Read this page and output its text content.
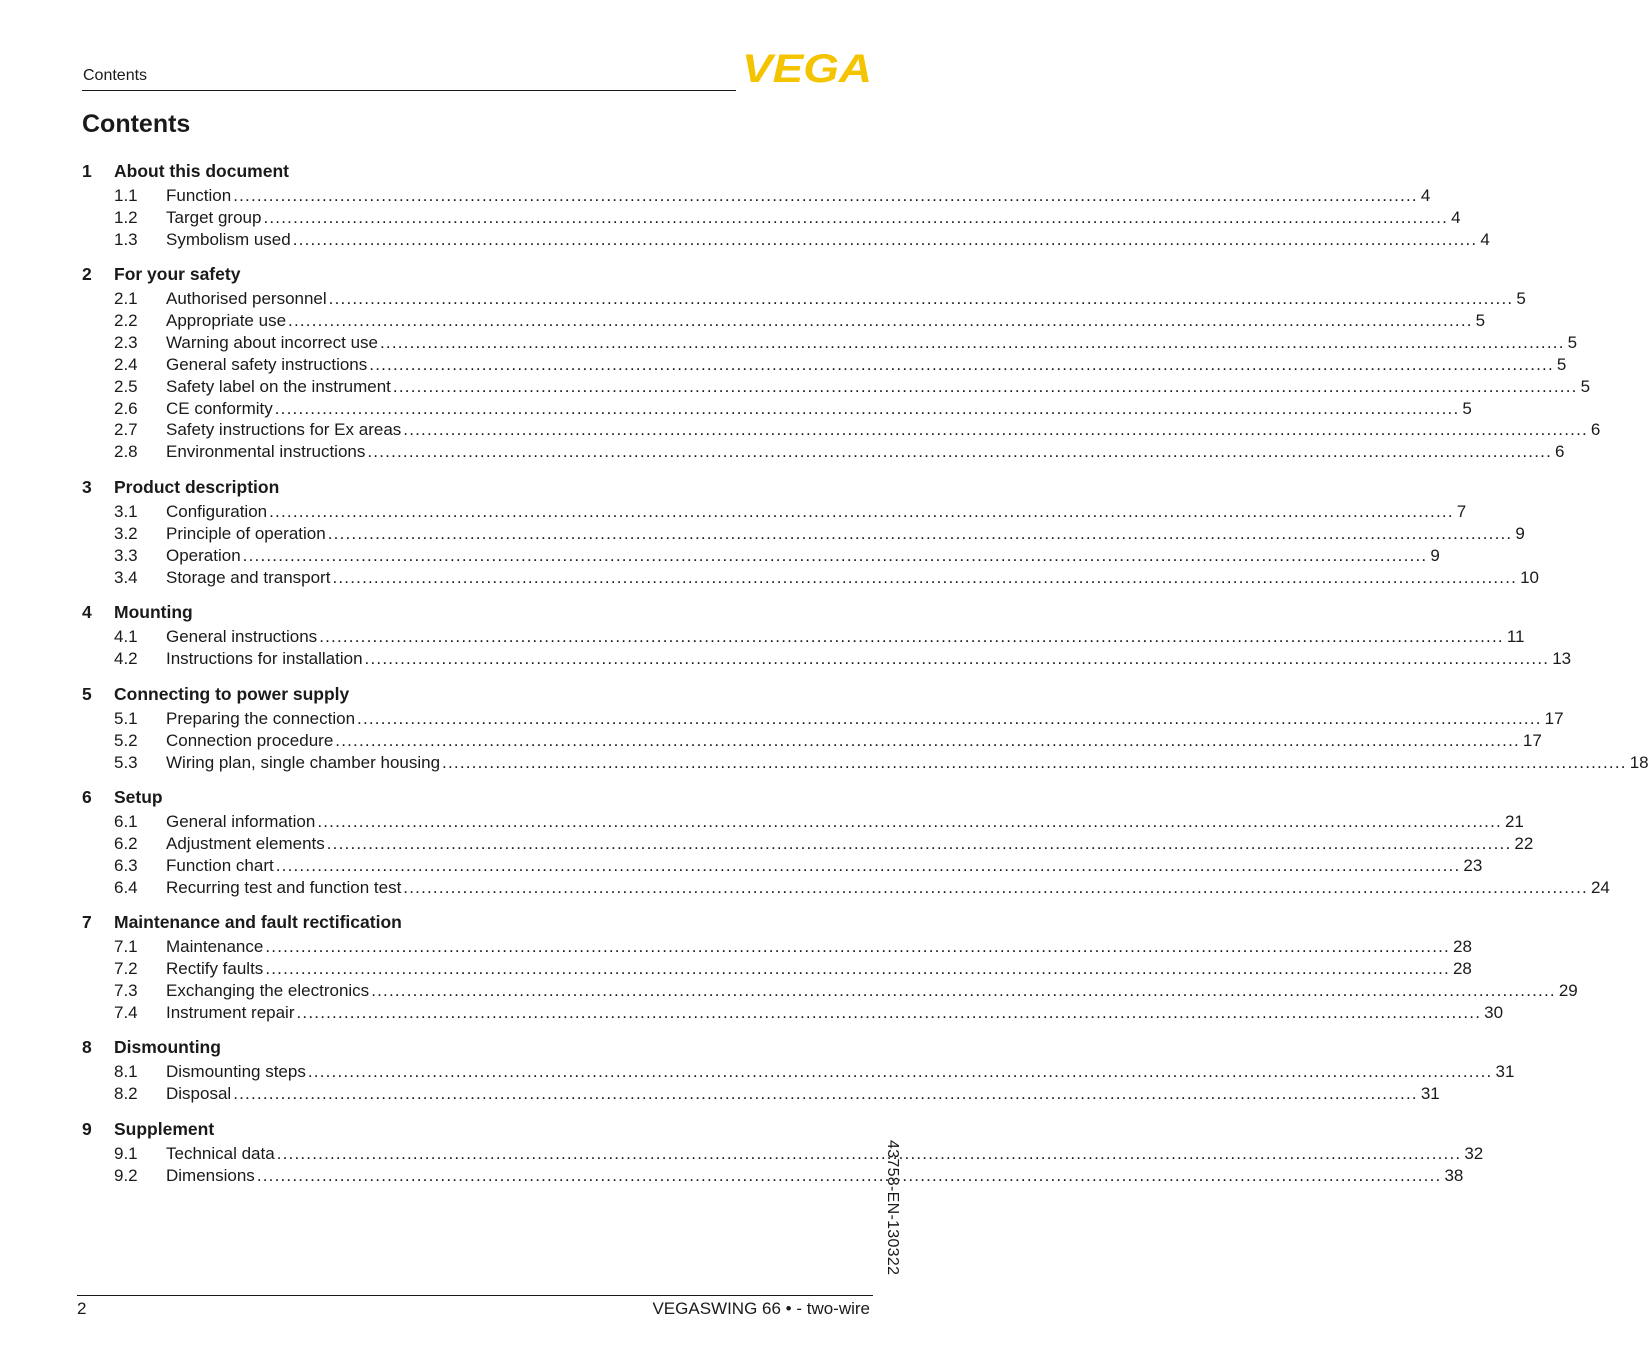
Contents	VEGA
Contents
1 About this document
1.1	Function ........................................................................................................................................................................................................ 4
1.2	Target group ........................................................................................................................................................................................................ 4
1.3	Symbolism used ........................................................................................................................................................................................................ 4
2 For your safety
2.1	Authorised personnel ........................................................................................................................................................................................................ 5
2.2	Appropriate use ........................................................................................................................................................................................................ 5
2.3	Warning about incorrect use ........................................................................................................................................................................................................ 5
2.4	General safety instructions ........................................................................................................................................................................................................ 5
2.5	Safety label on the instrument ........................................................................................................................................................................................................ 5
2.6	CE conformity ........................................................................................................................................................................................................ 5
2.7	Safety instructions for Ex areas ........................................................................................................................................................................................................ 6
2.8	Environmental instructions ........................................................................................................................................................................................................ 6
3 Product description
3.1	Configuration ........................................................................................................................................................................................................ 7
3.2	Principle of operation ........................................................................................................................................................................................................ 9
3.3	Operation ........................................................................................................................................................................................................ 9
3.4	Storage and transport ........................................................................................................................................................................................................ 10
4 Mounting
4.1	General instructions ........................................................................................................................................................................................................ 11
4.2	Instructions for installation ........................................................................................................................................................................................................ 13
5 Connecting to power supply
5.1	Preparing the connection ........................................................................................................................................................................................................ 17
5.2	Connection procedure ........................................................................................................................................................................................................ 17
5.3	Wiring plan, single chamber housing ........................................................................................................................................................................................................ 18
6 Setup
6.1	General information ........................................................................................................................................................................................................ 21
6.2	Adjustment elements ........................................................................................................................................................................................................ 22
6.3	Function chart ........................................................................................................................................................................................................ 23
6.4	Recurring test and function test ........................................................................................................................................................................................................ 24
7 Maintenance and fault rectification
7.1	Maintenance ........................................................................................................................................................................................................ 28
7.2	Rectify faults ........................................................................................................................................................................................................ 28
7.3	Exchanging the electronics ........................................................................................................................................................................................................ 29
7.4	Instrument repair ........................................................................................................................................................................................................ 30
8 Dismounting
8.1	Dismounting steps ........................................................................................................................................................................................................ 31
8.2	Disposal ........................................................................................................................................................................................................ 31
9 Supplement
9.1	Technical data ........................................................................................................................................................................................................ 32
9.2	Dimensions ........................................................................................................................................................................................................ 38
43758-EN-130322
2	VEGASWING 66 • - two-wire
